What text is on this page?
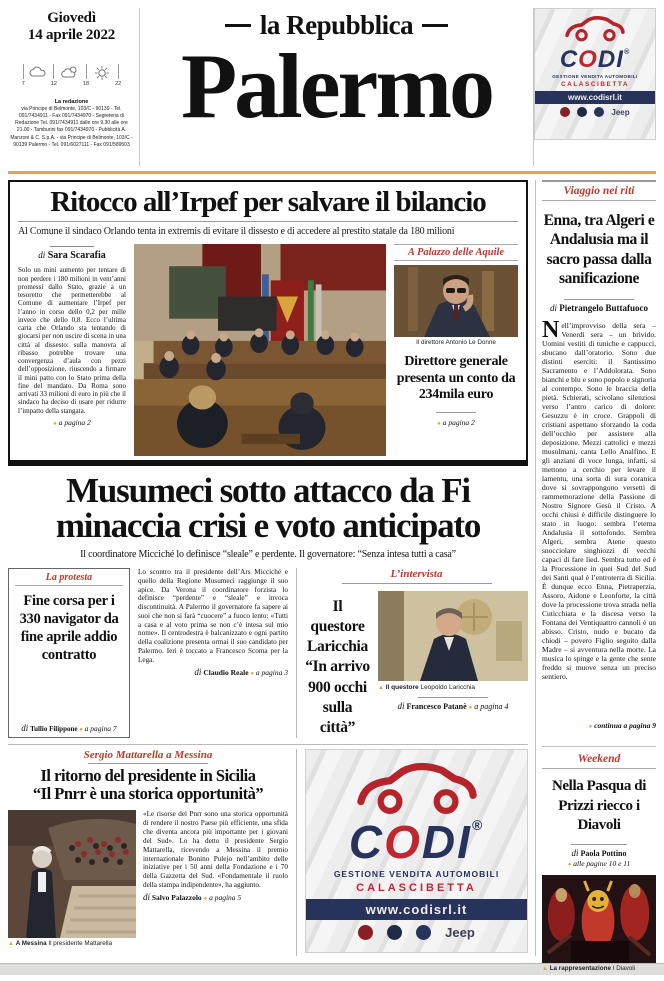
Giovedì
14 aprile 2022
7	12	18	22
La redazione
via Principe di Belmonte, 103/C - 90139 - Tel. 091/7434911 - Fax 091/7434970 - Segreteria di Redazione Tel. 091/7434911 dalle ore 9.30 alle ore 21.00 - Tamburini fax 091/7434970 - Pubblicità A. Manzoni & C. S.p.A. - via Principe di Belmonte, 103/C - 90139 Palermo - Tel. 091/6027111 - Fax 091/589503
la Repubblica
Palermo	CODI®
GESTIONE VENDITA AUTOMOBILI
CALASCIBETTA
www.codisrl.it
Jeep
Ritocco all’Irpef per salvare il bilancio
Al Comune il sindaco Orlando tenta in extremis di evitare il dissesto e di accedere al prestito statale da 180 milioni
di Sara Scarafia

Solo un mini aumento per tentare di non perdere i 180 milioni in vent’anni promessi dallo Stato, grazie a un tesoretto che permetterebbe al Comune di aumentare l’Irpef per l’anno in corso dello 0,2 per mille invece che dello 0,8. Ecco l’ultima carta che Orlando sta tentando di giocarsi per non uscire di scena in una città al dissesto: sulla manovra al ribasso potrebbe trovare una convergenza d’aula con pezzi dell’opposizione, riuscendo a firmare il mini patto con lo Stato prima della fine del mandato. Da Roma sono arrivati 33 milioni di euro in più che il sindaco ha deciso di usare per ridurre l’impatto della stangata.

● a pagina 2
A Palazzo delle Aquile
Il direttore Antonio Le Donne
Direttore generale presenta un conto da 234mila euro
● a pagina 2
Musumeci sotto attacco da Fi
minaccia crisi e voto anticipato
Il coordinatore Micciché lo definisce “sleale” e perdente. Il governatore: “Senza intesa tutti a casa”
La protesta
Fine corsa per i 330 navigator da fine aprile addio contratto
di Tullio Filippone ● a pagina 7

Lo scontro tra il presidente dell’Ars Micciché e quello della Regione Musumeci raggiunge il suo apice. Da Verona il coordinatore forzista lo definisce “perdente” e “sleale” e invoca discontinuità. A Palermo il governatore fa sapere ai suoi che non si farà “cuocere” a fuoco lento: «Tutti a casa e al voto prima se non c’è intesa sul mio nome». Il centrodestra è balcanizzato e ogni partito della coalizione presenta ormai il suo candidato per Palermo. Ieri è toccato a Francesco Scoma per la Lega.

di Claudio Reale ● a pagina 3
L’intervista
Il questore Laricchia “In arrivo 900 occhi sulla città”
▲ Il questore Leopoldo Laricchia
di Francesco Patanè ● a pagina 4
Sergio Mattarella a Messina
Il ritorno del presidente in Sicilia
“Il Pnrr è una storica opportunità”
▲ A Messina Il presidente Mattarella

«Le risorse del Pnrr sono una storica opportunità di rendere il nostro Paese più efficiente, una sfida che diventa ancora più importante per i giovani del Sud». Lo ha detto il presidente Sergio Mattarella, ricevendo a Messina il premio internazionale Bonino Pulejo nell’ambito delle iniziative per i 50 anni della Fondazione e i 70 della Gazzetta del Sud. «Fondamentale il ruolo della stampa indipendente», ha aggiunto.

di Salvo Palazzolo ● a pagina 5
CODI®
GESTIONE VENDITA AUTOMOBILI
CALASCIBETTA
www.codisrl.it
Jeep
Viaggio nei riti
Enna, tra Algeri e Andalusia ma il sacro passa dalla sanificazione
di Pietrangelo Buttafuoco

Nell’improvviso della sera – Venerdì sera – un brivido. Uomini vestiti di tuniche e cappucci, sbucano dall’oratorio. Sono due distinti eserciti: il Santissimo Sacramento e l’Addolorata. Sono bianchi e blu e sono popolo e signoria al contempo. Sono le braccia della pietà. Schierati, scivolano silenziosi verso l’antro carico di dolore: Gesuzzu è in croce. Grappoli di cristiani aspettano sforzando la coda dell’occhio per assistere alla deposizione. Mezzi cattolici e mezzi musulmani, canta Lello Analfino. E gli anziani di voce lunga, infatti, si mettono a cerchio per levare il lamentu, una sorta di sura coranica dove si sovrappongono versetti di rammemorazione della Passione di Nostro Signore Gesù il Cristo. A occhi chiusi è difficile distinguere lo stato in luogo: sembra l’eterna Andalusia il sottofondo. Sembra Algeri, sembra Atene questo snocciolare singhiozzi di vecchi capaci di fare lied. Sembra tutto ed è la Processione in quei Sud del Sud dei Santi qual è l’entroterra di Sicilia. È dunque ecco Enna, Pietraperzia, Assoro, Aidone e Leonforte, la città dove la processione trova strada nella Cuticchiata e la discesa verso la Fontana dei Ventiquattro cannoli è un abisso. Cristo, nudo e bucato da chiodi – povero Figlio seguito dalla Madre – si avventura nella morte. La musica lo spinge e la gente che sente freddo si muove senza un preciso sentiero.

● continua a pagina 9
Weekend
Nella Pasqua di Prizzi riecco i Diavoli
di Paola Pottino
● alle pagine 10 e 11
▲ La rappresentazione I Diavoli
